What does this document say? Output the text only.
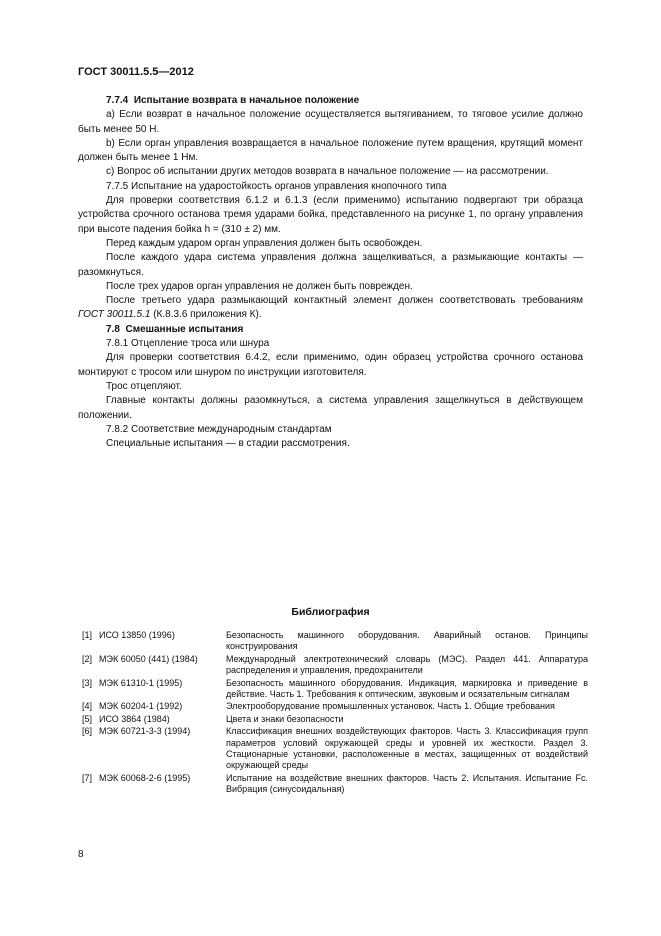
ГОСТ 30011.5.5—2012

7.7.4 Испытание возврата в начальное положение

a) Если возврат в начальное положение осуществляется вытягиванием, то тяговое усилие должно быть менее 50 Н.

b) Если орган управления возвращается в начальное положение путем вращения, крутящий момент должен быть менее 1 Нм.

c) Вопрос об испытании других методов возврата в начальное положение — на рассмотрении.

7.7.5 Испытание на ударостойкость органов управления кнопочного типа

Для проверки соответствия 6.1.2 и 6.1.3 (если применимо) испытанию подвергают три образца устройства срочного останова тремя ударами бойка, представленного на рисунке 1, по органу управления при высоте падения бойка h = (310 ± 2) мм.

Перед каждым ударом орган управления должен быть освобожден.

После каждого удара система управления должна защелкиваться, а размыкающие контакты — разомкнуться.

После трех ударов орган управления не должен быть поврежден.

После третьего удара размыкающий контактный элемент должен соответствовать требованиям ГОСТ 30011.5.1 (К.8.3.6 приложения К).

7.8 Смешанные испытания

7.8.1 Отцепление троса или шнура

Для проверки соответствия 6.4.2, если применимо, один образец устройства срочного останова монтируют с тросом или шнуром по инструкции изготовителя.

Трос отцепляют.

Главные контакты должны разомкнуться, а система управления защелкнуться в действующем положении.

7.8.2 Соответствие международным стандартам

Специальные испытания — в стадии рассмотрения.

Библиография
[1] ИСО 13850 (1996)	Безопасность машинного оборудования. Аварийный останов. Принципы конструирования
[2] МЭК 60050 (441) (1984)	Международный электротехнический словарь (МЭС). Раздел 441. Аппаратура распределения и управления, предохранители
[3] МЭК 61310-1 (1995)	Безопасность машинного оборудования. Индикация, маркировка и приведение в действие. Часть 1. Требования к оптическим, звуковым и осязательным сигналам
[4] МЭК 60204-1 (1992)	Электрооборудование промышленных установок. Часть 1. Общие требования
[5] ИСО 3864 (1984)	Цвета и знаки безопасности
[6] МЭК 60721-3-3 (1994)	Классификация внешних воздействующих факторов. Часть 3. Классификация групп параметров условий окружающей среды и уровней их жесткости. Раздел 3. Стационарные установки, расположенные в местах, защищенных от воздействий окружающей среды
[7] МЭК 60068-2-6 (1995)	Испытание на воздействие внешних факторов. Часть 2. Испытания. Испытание Fc. Вибрация (синусоидальная)
8
